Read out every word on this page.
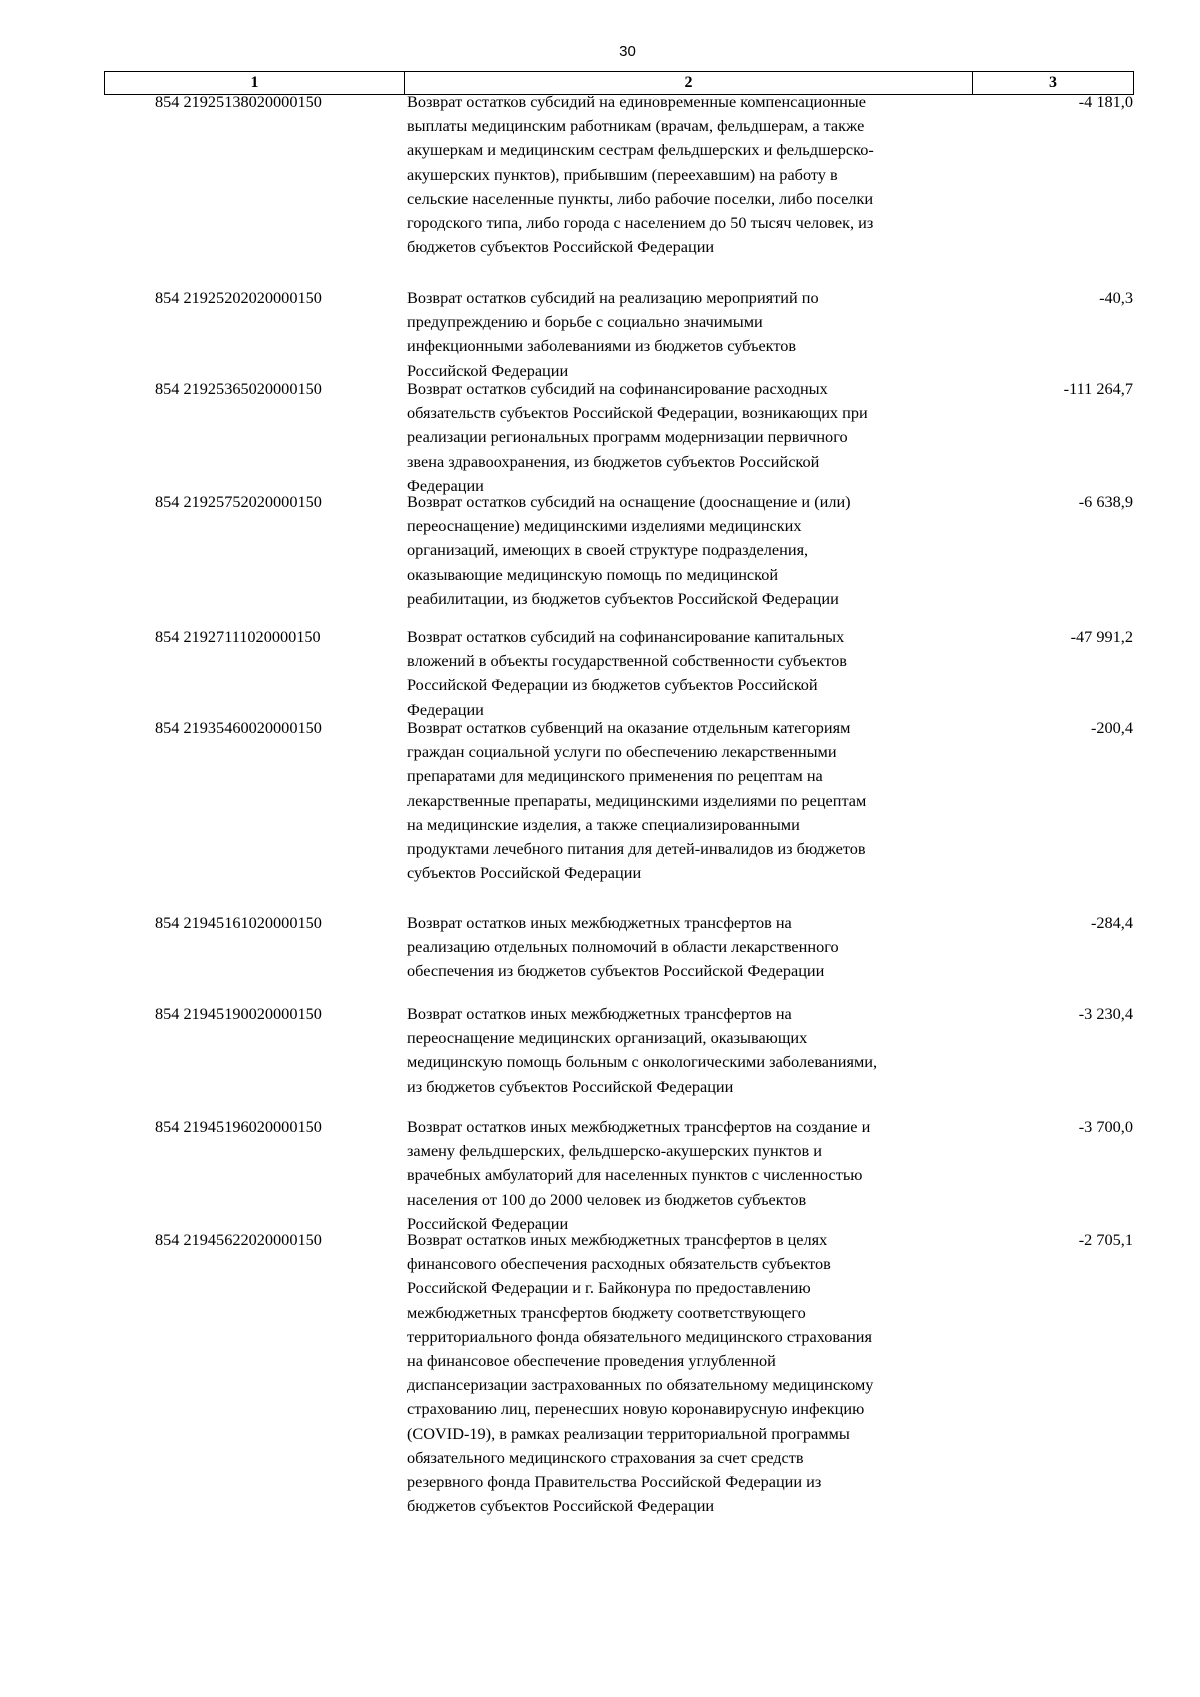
30
1	2	3
854 21925138020000150	Возврат остатков субсидий на единовременные компенсационные
выплаты медицинским работникам (врачам, фельдшерам, а также
акушеркам и медицинским сестрам фельдшерских и фельдшерско-
акушерских пунктов), прибывшим (переехавшим) на работу в
сельские населенные пункты, либо рабочие поселки, либо поселки
городского типа, либо города с населением до 50 тысяч человек, из
бюджетов субъектов Российской Федерации
-4 181,0
854 21925202020000150	Возврат остатков субсидий на реализацию мероприятий по
предупреждению и борьбе с социально значимыми
инфекционными заболеваниями из бюджетов субъектов
Российской Федерации
-40,3
854 21925365020000150	Возврат остатков субсидий на софинансирование расходных
обязательств субъектов Российской Федерации, возникающих при
реализации региональных программ модернизации первичного
звена здравоохранения, из бюджетов субъектов Российской
Федерации
-111 264,7
854 21925752020000150	Возврат остатков субсидий на оснащение (дооснащение и (или)
переоснащение) медицинскими изделиями медицинских
организаций, имеющих в своей структуре подразделения,
оказывающие медицинскую помощь по медицинской
реабилитации, из бюджетов субъектов Российской Федерации
-6 638,9
854 21927111020000150	Возврат остатков субсидий на софинансирование капитальных
вложений в объекты государственной собственности субъектов
Российской Федерации из бюджетов субъектов Российской
Федерации
-47 991,2
854 21935460020000150	Возврат остатков субвенций на оказание отдельным категориям
граждан социальной услуги по обеспечению лекарственными
препаратами для медицинского применения по рецептам на
лекарственные препараты, медицинскими изделиями по рецептам
на медицинские изделия, а также специализированными
продуктами лечебного питания для детей-инвалидов из бюджетов
субъектов Российской Федерации
-200,4
854 21945161020000150	Возврат остатков иных межбюджетных трансфертов на
реализацию отдельных полномочий в области лекарственного
обеспечения из бюджетов субъектов Российской Федерации
-284,4
854 21945190020000150	Возврат остатков иных межбюджетных трансфертов на
переоснащение медицинских организаций, оказывающих
медицинскую помощь больным с онкологическими заболеваниями,
из бюджетов субъектов Российской Федерации
-3 230,4
854 21945196020000150	Возврат остатков иных межбюджетных трансфертов на создание и
замену фельдшерских, фельдшерско-акушерских пунктов и
врачебных амбулаторий для населенных пунктов с численностью
населения от 100 до 2000 человек из бюджетов субъектов
Российской Федерации
-3 700,0
854 21945622020000150	Возврат остатков иных межбюджетных трансфертов в целях
финансового обеспечения расходных обязательств субъектов
Российской Федерации и г. Байконура по предоставлению
межбюджетных трансфертов бюджету соответствующего
территориального фонда обязательного медицинского страхования
на финансовое обеспечение проведения углубленной
диспансеризации застрахованных по обязательному медицинскому
страхованию лиц, перенесших новую коронавирусную инфекцию
(COVID-19), в рамках реализации территориальной программы
обязательного медицинского страхования за счет средств
резервного фонда Правительства Российской Федерации из
бюджетов субъектов Российской Федерации
-2 705,1
